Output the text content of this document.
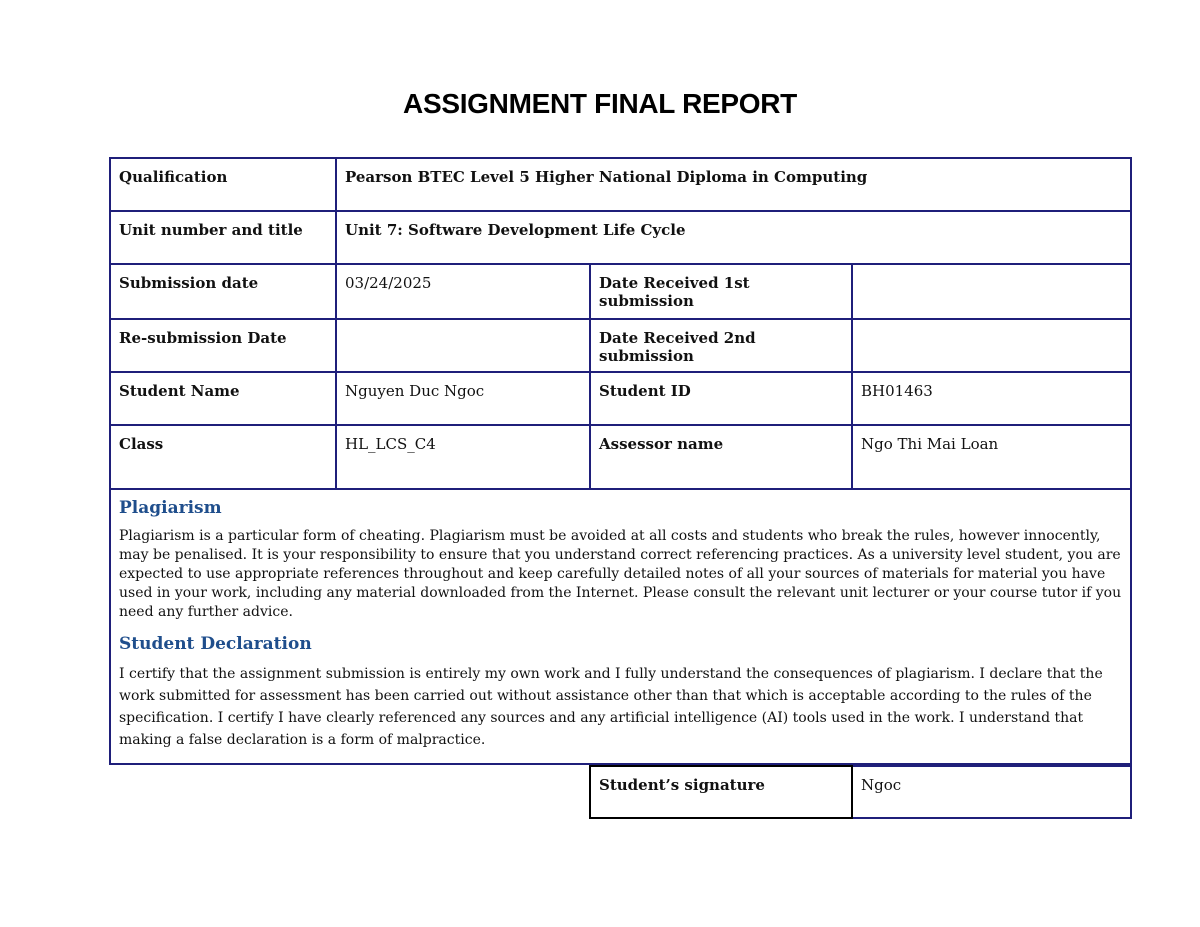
ASSIGNMENT FINAL REPORT
Qualification	Pearson BTEC Level 5 Higher National Diploma in Computing		
Unit number and title	Unit 7: Software Development Life Cycle		
Submission date	03/24/2025	Date Received 1st submission	
Re-submission Date		Date Received 2nd submission	
Student Name	Nguyen Duc Ngoc	Student ID	BH01463
Class	HL_LCS_C4	Assessor name	Ngo Thi Mai Loan

Plagiarism

Plagiarism is a particular form of cheating. Plagiarism must be avoided at all costs and students who break the rules, however innocently, may be penalised. It is your responsibility to ensure that you understand correct referencing practices. As a university level student, you are expected to use appropriate references throughout and keep carefully detailed notes of all your sources of materials for material you have used in your work, including any material downloaded from the Internet. Please consult the relevant unit lecturer or your course tutor if you need any further advice.

Student Declaration

I certify that the assignment submission is entirely my own work and I fully understand the consequences of plagiarism. I declare that the work submitted for assessment has been carried out without assistance other than that which is acceptable according to the rules of the specification. I certify I have clearly referenced any sources and any artificial intelligence (AI) tools used in the work. I understand that making a false declaration is a form of malpractice.			

Student’s signature	Ngoc
